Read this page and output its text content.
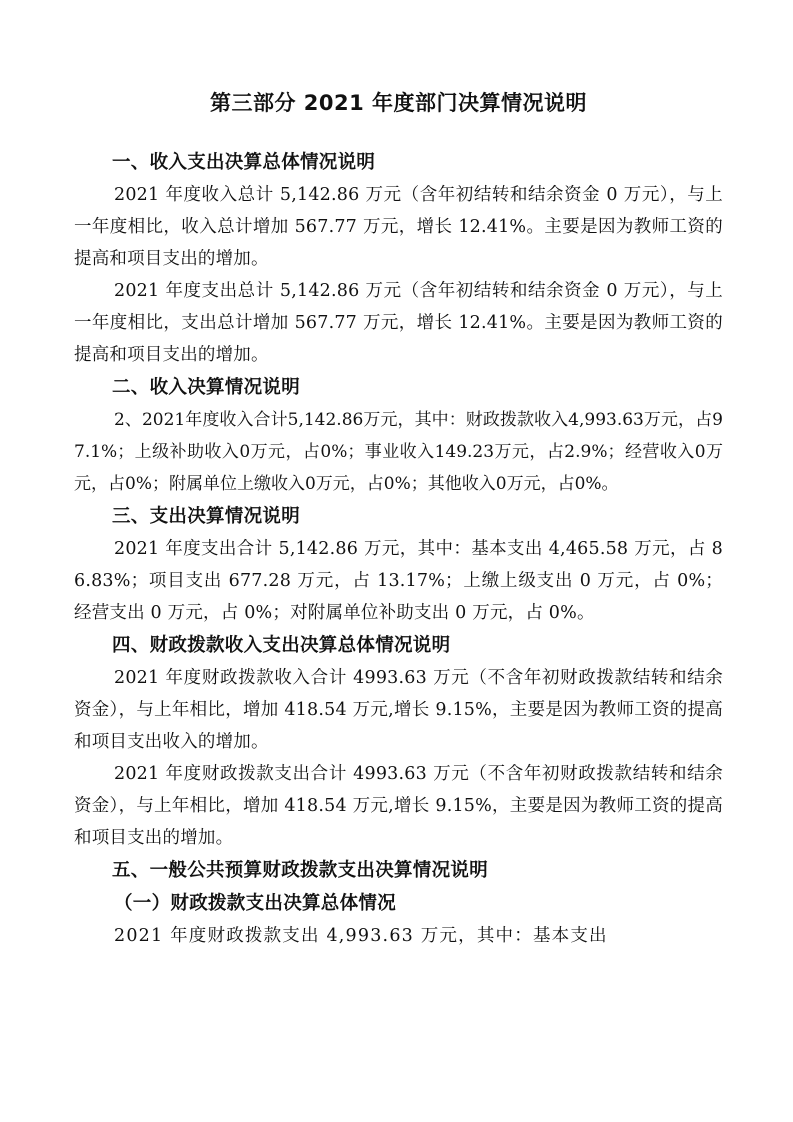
第三部分 2021 年度部门决算情况说明
一、收入支出决算总体情况说明

2021 年度收入总计 5,142.86 万元（含年初结转和结余资金 0 万元），与上一年度相比，收入总计增加 567.77 万元，增长 12.41%。主要是因为教师工资的提高和项目支出的增加。

2021 年度支出总计 5,142.86 万元（含年初结转和结余资金 0 万元），与上一年度相比，支出总计增加 567.77 万元，增长 12.41%。主要是因为教师工资的提高和项目支出的增加。

二、收入决算情况说明

2、2021年度收入合计5,142.86万元，其中：财政拨款收入4,993.63万元，占97.1%；上级补助收入0万元，占0%；事业收入149.23万元，占2.9%；经营收入0万元，占0%；附属单位上缴收入0万元，占0%；其他收入0万元，占0%。

三、支出决算情况说明

2021 年度支出合计 5,142.86 万元，其中：基本支出 4,465.58 万元，占 86.83%；项目支出 677.28 万元，占 13.17%；上缴上级支出 0 万元，占 0%；经营支出 0 万元，占 0%；对附属单位补助支出 0 万元，占 0%。

四、财政拨款收入支出决算总体情况说明

2021 年度财政拨款收入合计 4993.63 万元（不含年初财政拨款结转和结余资金），与上年相比，增加 418.54 万元,增长 9.15%，主要是因为教师工资的提高和项目支出收入的增加。

2021 年度财政拨款支出合计 4993.63 万元（不含年初财政拨款结转和结余资金），与上年相比，增加 418.54 万元,增长 9.15%，主要是因为教师工资的提高和项目支出的增加。

五、一般公共预算财政拨款支出决算情况说明
（一）财政拨款支出决算总体情况

2021 年度财政拨款支出 4,993.63 万元，其中：基本支出
